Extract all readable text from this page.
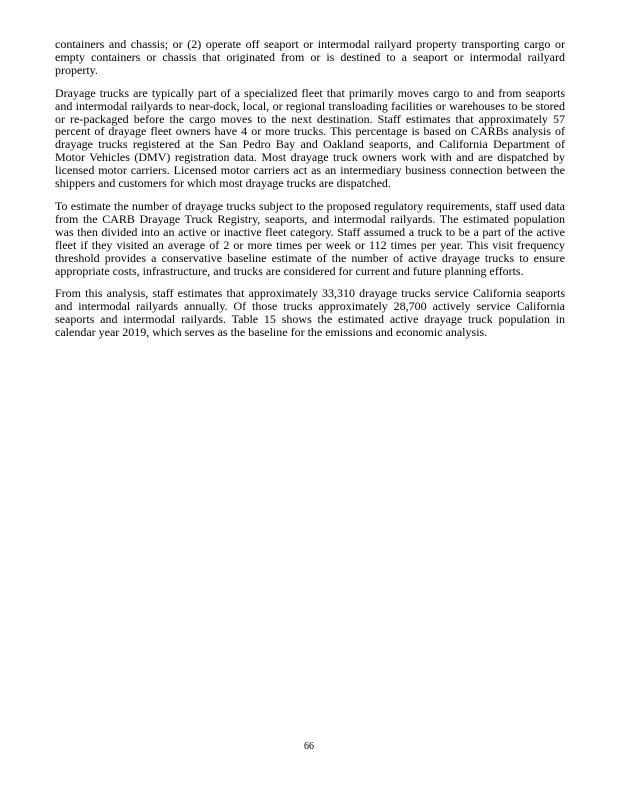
containers and chassis; or (2) operate off seaport or intermodal railyard property transporting cargo or empty containers or chassis that originated from or is destined to a seaport or intermodal railyard property.

Drayage trucks are typically part of a specialized fleet that primarily moves cargo to and from seaports and intermodal railyards to near-dock, local, or regional transloading facilities or warehouses to be stored or re-packaged before the cargo moves to the next destination. Staff estimates that approximately 57 percent of drayage fleet owners have 4 or more trucks. This percentage is based on CARBs analysis of drayage trucks registered at the San Pedro Bay and Oakland seaports, and California Department of Motor Vehicles (DMV) registration data. Most drayage truck owners work with and are dispatched by licensed motor carriers. Licensed motor carriers act as an intermediary business connection between the shippers and customers for which most drayage trucks are dispatched.

To estimate the number of drayage trucks subject to the proposed regulatory requirements, staff used data from the CARB Drayage Truck Registry, seaports, and intermodal railyards. The estimated population was then divided into an active or inactive fleet category. Staff assumed a truck to be a part of the active fleet if they visited an average of 2 or more times per week or 112 times per year. This visit frequency threshold provides a conservative baseline estimate of the number of active drayage trucks to ensure appropriate costs, infrastructure, and trucks are considered for current and future planning efforts.

From this analysis, staff estimates that approximately 33,310 drayage trucks service California seaports and intermodal railyards annually. Of those trucks approximately 28,700 actively service California seaports and intermodal railyards. Table 15 shows the estimated active drayage truck population in calendar year 2019, which serves as the baseline for the emissions and economic analysis.

66
